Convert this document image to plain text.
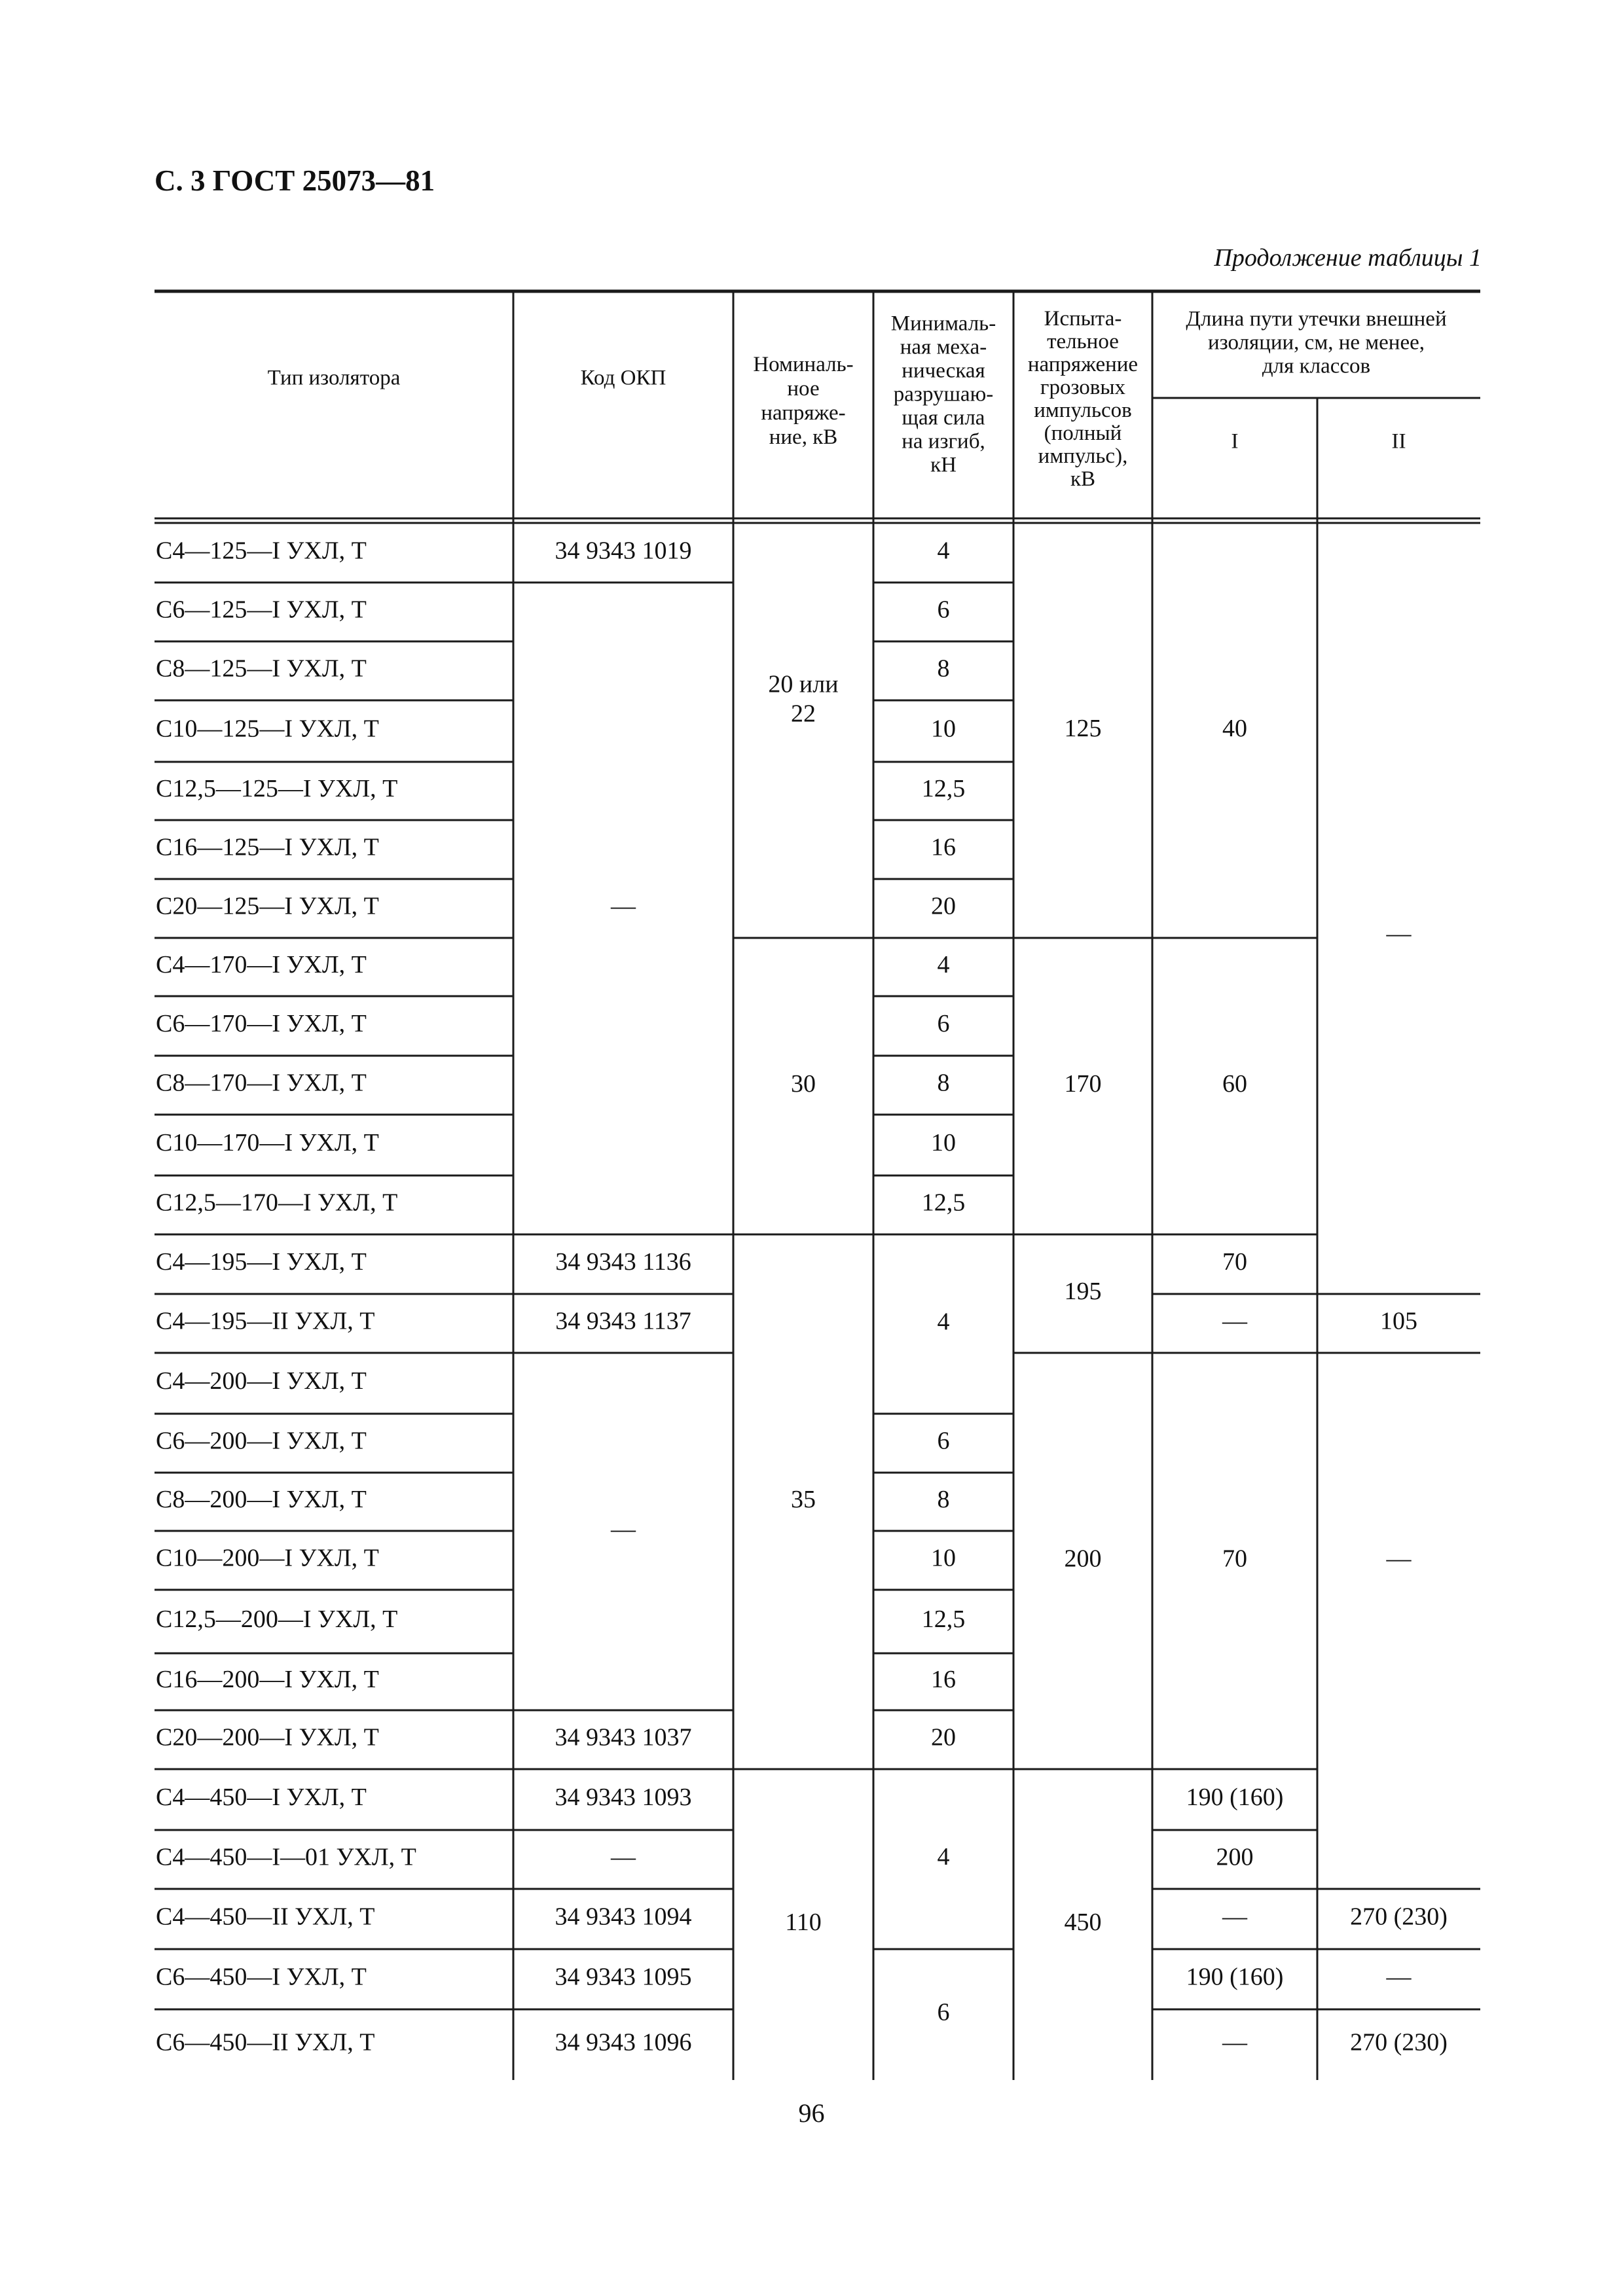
С. 3 ГОСТ 25073—81
Продолжение таблицы 1
Тип изолятора	Код ОКП
Номиналь-
ное
напряже-
ние, кВ
Минималь-
ная меха-
ническая
разрушаю-
щая сила
на изгиб,
кН
Испыта-
тельное
напряжение
грозовых
импульсов
(полный
импульс),
кВ
Длина пути утечки внешней
изоляции, см, не менее,
для классов
I	II
С4—125—I УХЛ, Т
С6—125—I УХЛ, Т
С8—125—I УХЛ, Т
С10—125—I УХЛ, Т
С12,5—125—I УХЛ, Т
С16—125—I УХЛ, Т
С20—125—I УХЛ, Т
С4—170—I УХЛ, Т
С6—170—I УХЛ, Т
С8—170—I УХЛ, Т
С10—170—I УХЛ, Т
С12,5—170—I УХЛ, Т
С4—195—I УХЛ, Т
С4—195—II УХЛ, Т
С4—200—I УХЛ, Т
С6—200—I УХЛ, Т
С8—200—I УХЛ, Т
С10—200—I УХЛ, Т
С12,5—200—I УХЛ, Т
С16—200—I УХЛ, Т
С20—200—I УХЛ, Т
С4—450—I УХЛ, Т
С4—450—I—01 УХЛ, Т
С4—450—II УХЛ, Т
С6—450—I УХЛ, Т
С6—450—II УХЛ, Т
34 9343 1019
—
34 9343 1136
34 9343 1137
—
34 9343 1037
34 9343 1093
—
34 9343 1094
34 9343 1095
34 9343 1096
20 или
22
30
35
110
4
6
8
10
12,5
16
20
4
6
8
10
12,5
4
6
8
10
12,5
16
20
4
6
125
170
195
200
450
40
60
70
—
70
190 (160)
200
—
190 (160)
—
—
105
—
270 (230)
—
270 (230)
96
